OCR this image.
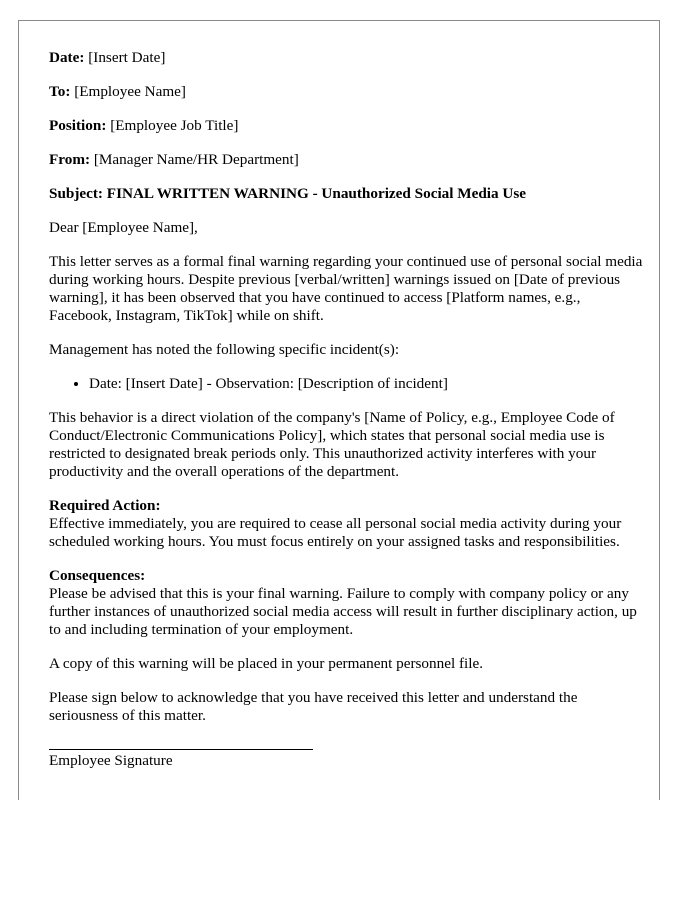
Date: [Insert Date]

To: [Employee Name]

Position: [Employee Job Title]

From: [Manager Name/HR Department]

Subject: FINAL WRITTEN WARNING - Unauthorized Social Media Use

Dear [Employee Name],

This letter serves as a formal final warning regarding your continued use of personal social media during working hours. Despite previous [verbal/written] warnings issued on [Date of previous warning], it has been observed that you have continued to access [Platform names, e.g., Facebook, Instagram, TikTok] while on shift.

Management has noted the following specific incident(s):

• Date: [Insert Date] - Observation: [Description of incident]

This behavior is a direct violation of the company's [Name of Policy, e.g., Employee Code of Conduct/Electronic Communications Policy], which states that personal social media use is restricted to designated break periods only. This unauthorized activity interferes with your productivity and the overall operations of the department.

Required Action:
Effective immediately, you are required to cease all personal social media activity during your scheduled working hours. You must focus entirely on your assigned tasks and responsibilities.

Consequences:
Please be advised that this is your final warning. Failure to comply with company policy or any further instances of unauthorized social media access will result in further disciplinary action, up to and including termination of your employment.

A copy of this warning will be placed in your permanent personnel file.

Please sign below to acknowledge that you have received this letter and understand the seriousness of this matter.

Employee Signature
